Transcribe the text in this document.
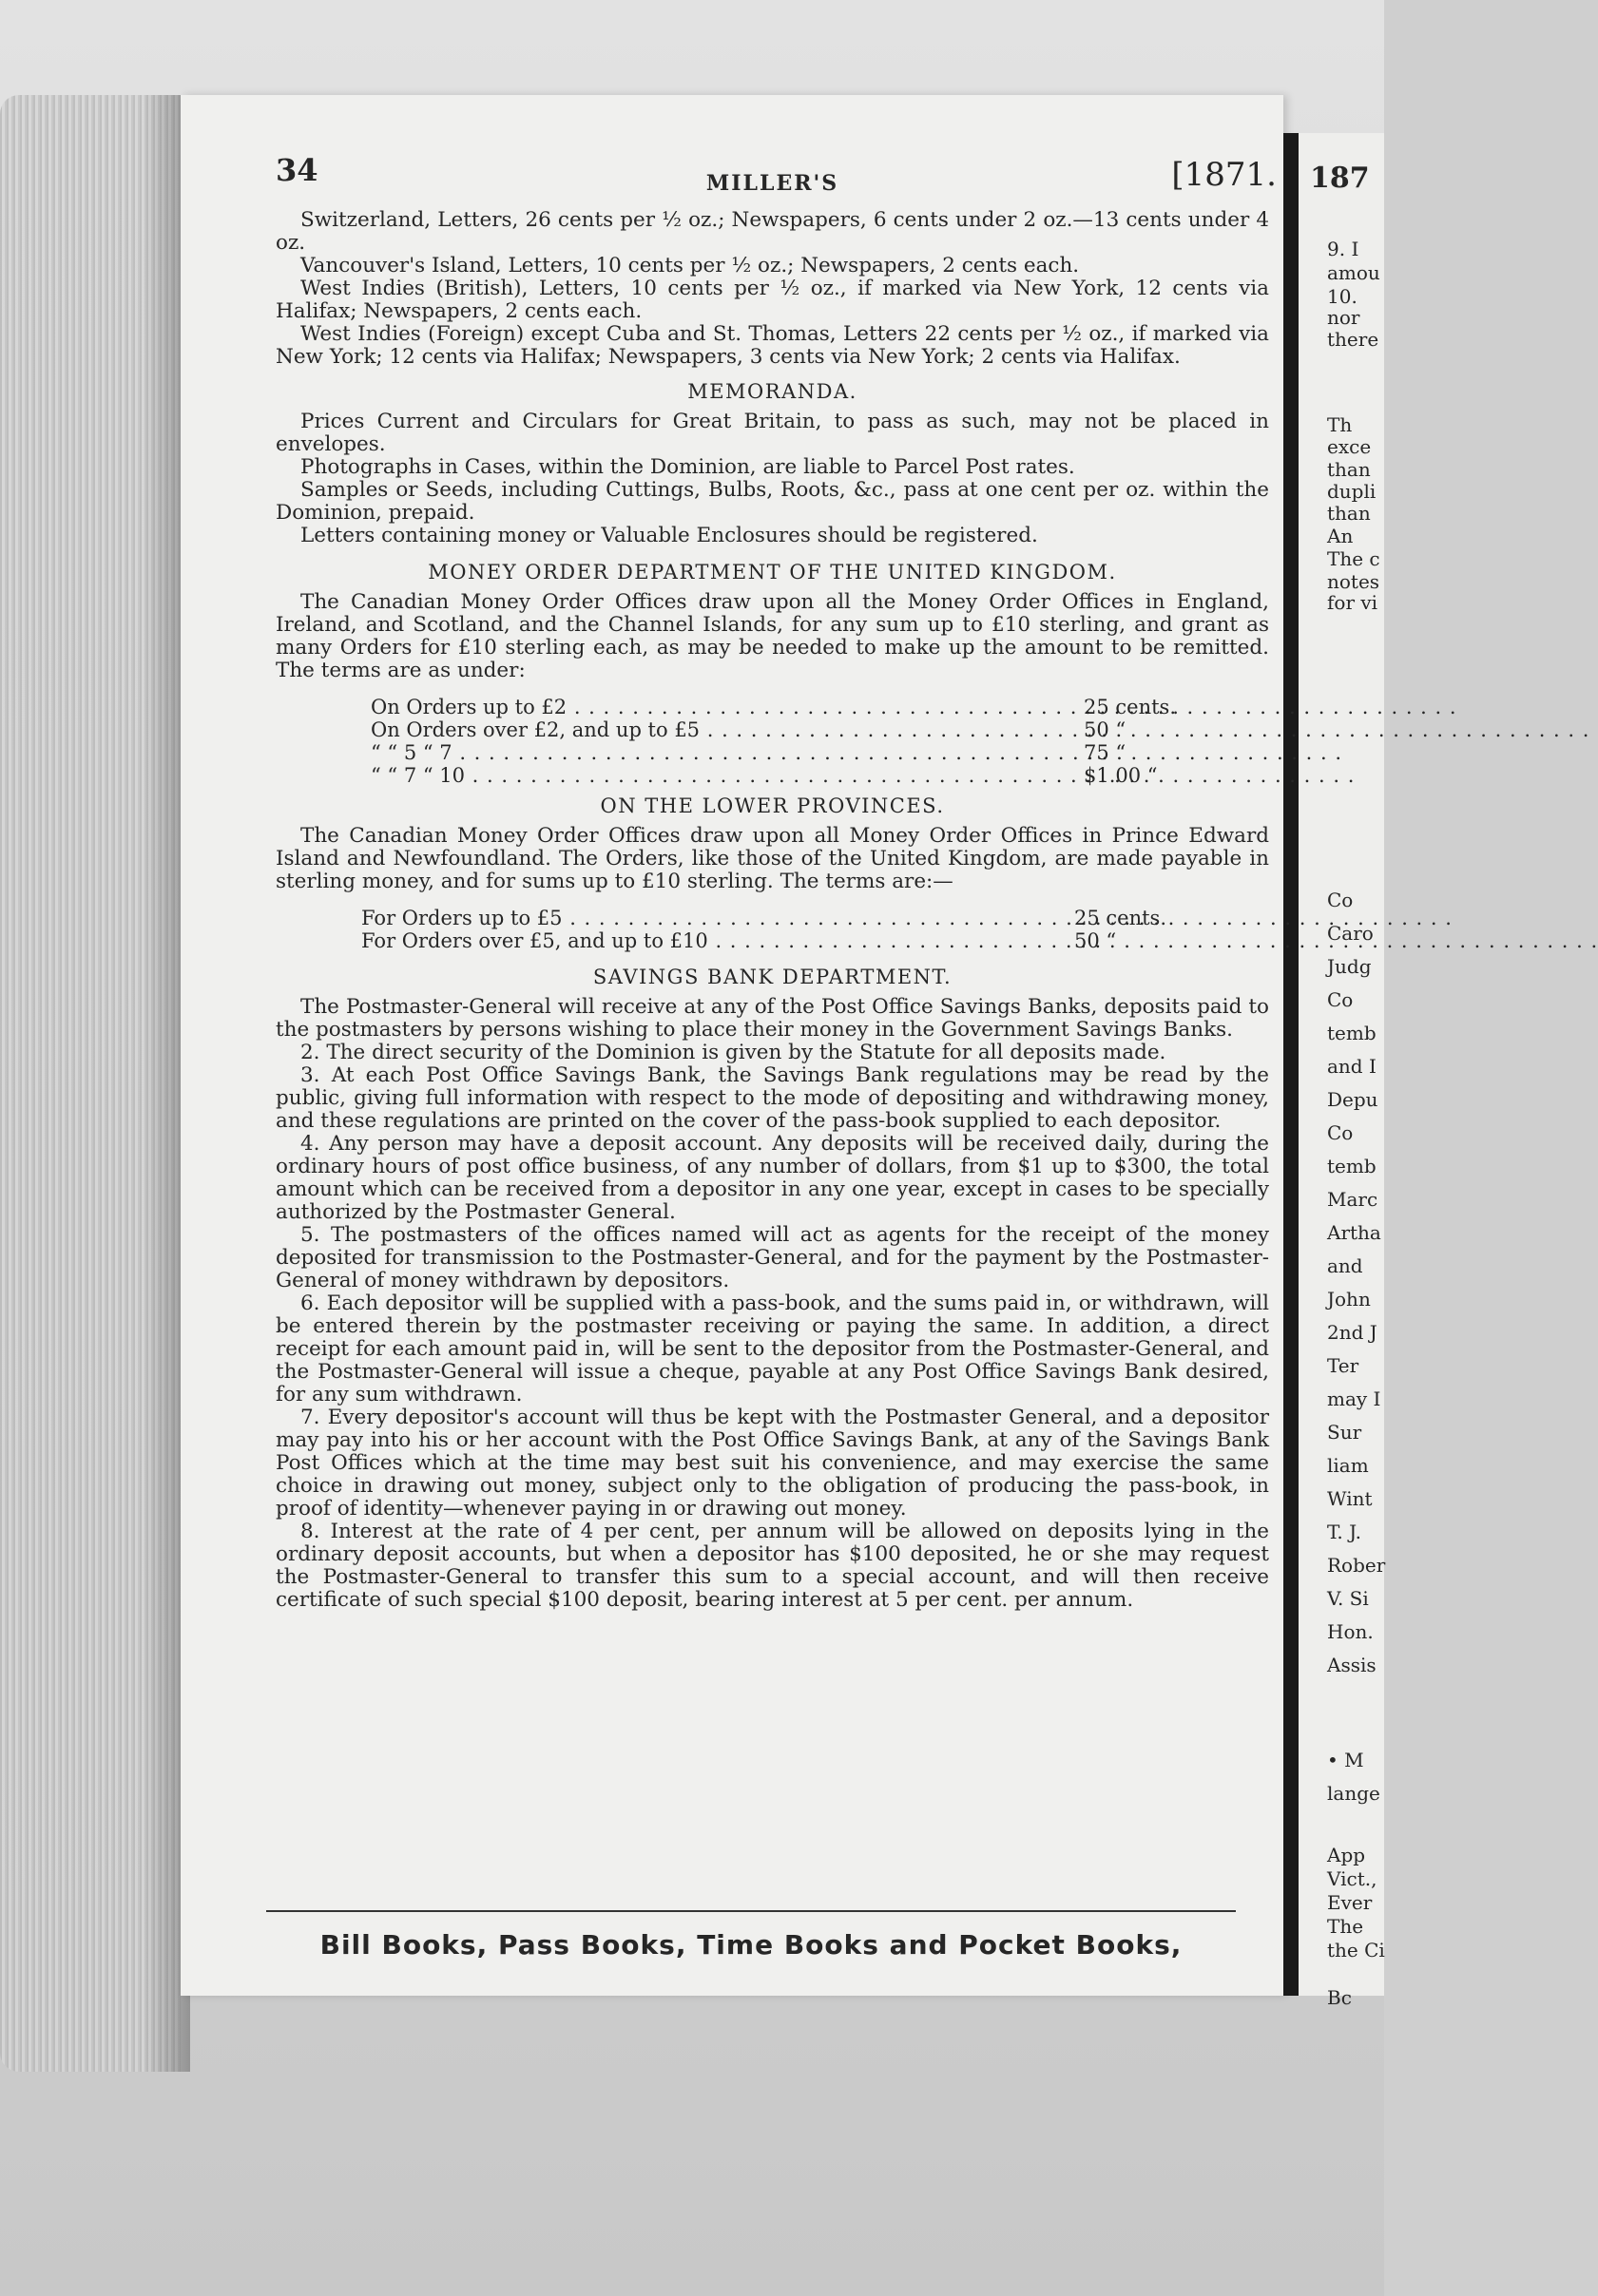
187
9. I
amou
10.
nor
there
Th
exce
than
dupli
than
An
The c
notes
for vi
Co
Caro
Judg
Co
temb
and I
Depu
Co
temb
Marc
Artha
and
John
2nd J
Ter
may I
Sur
liam
Wint
T. J.
Rober
V. Si
Hon.
Assis
• M
lange
App
Vict.,
Ever
The
the Ci
Bc
34	MILLER'S	[1871.

Switzerland, Letters, 26 cents per ½ oz.; Newspapers, 6 cents under 2 oz.—13 cents under 4 oz.

Vancouver's Island, Letters, 10 cents per ½ oz.; Newspapers, 2 cents each.

West Indies (British), Letters, 10 cents per ½ oz., if marked via New York, 12 cents via Halifax; Newspapers, 2 cents each.

West Indies (Foreign) except Cuba and St. Thomas, Letters 22 cents per ½ oz., if marked via New York; 12 cents via Halifax; Newspapers, 3 cents via New York; 2 cents via Halifax.

MEMORANDA.

Prices Current and Circulars for Great Britain, to pass as such, may not be placed in envelopes.

Photographs in Cases, within the Dominion, are liable to Parcel Post rates.

Samples or Seeds, including Cuttings, Bulbs, Roots, &c., pass at one cent per oz. within the Dominion, prepaid.

Letters containing money or Valuable Enclosures should be registered.

MONEY ORDER DEPARTMENT OF THE UNITED KINGDOM.

The Canadian Money Order Offices draw upon all the Money Order Offices in England, Ireland, and Scotland, and the Channel Islands, for any sum up to £10 sterling, and grant as many Orders for £10 sterling each, as may be needed to make up the amount to be remitted. The terms are as under:

On Orders up to £2 . . .	25 cents.

On Orders over £2, and up to £5 . . .	50 “

“ “ 5 “ 7 . . .	75 “

“ “ 7 “ 10 . . .	$1.00 “
ON THE LOWER PROVINCES.

The Canadian Money Order Offices draw upon all Money Order Offices in Prince Edward Island and Newfoundland. The Orders, like those of the United Kingdom, are made payable in sterling money, and for sums up to £10 sterling. The terms are:—

For Orders up to £5 . . .	25 cents.

For Orders over £5, and up to £10 . . .	50 “
SAVINGS BANK DEPARTMENT.

The Postmaster-General will receive at any of the Post Office Savings Banks, deposits paid to the postmasters by persons wishing to place their money in the Government Savings Banks.

2. The direct security of the Dominion is given by the Statute for all deposits made.

3. At each Post Office Savings Bank, the Savings Bank regulations may be read by the public, giving full information with respect to the mode of depositing and withdrawing money, and these regulations are printed on the cover of the pass-book supplied to each depositor.

4. Any person may have a deposit account. Any deposits will be received daily, during the ordinary hours of post office business, of any number of dollars, from $1 up to $300, the total amount which can be received from a depositor in any one year, except in cases to be specially authorized by the Postmaster General.

5. The postmasters of the offices named will act as agents for the receipt of the money deposited for transmission to the Postmaster-General, and for the payment by the Postmaster-General of money withdrawn by depositors.

6. Each depositor will be supplied with a pass-book, and the sums paid in, or withdrawn, will be entered therein by the postmaster receiving or paying the same. In addition, a direct receipt for each amount paid in, will be sent to the depositor from the Postmaster-General, and the Postmaster-General will issue a cheque, payable at any Post Office Savings Bank desired, for any sum withdrawn.

7. Every depositor's account will thus be kept with the Postmaster General, and a depositor may pay into his or her account with the Post Office Savings Bank, at any of the Savings Bank Post Offices which at the time may best suit his convenience, and may exercise the same choice in drawing out money, subject only to the obligation of producing the pass-book, in proof of identity—whenever paying in or drawing out money.

8. Interest at the rate of 4 per cent, per annum will be allowed on deposits lying in the ordinary deposit accounts, but when a depositor has $100 deposited, he or she may request the Postmaster-General to transfer this sum to a special account, and will then receive certificate of such special $100 deposit, bearing interest at 5 per cent. per annum.

Bill Books, Pass Books, Time Books and Pocket Books,
